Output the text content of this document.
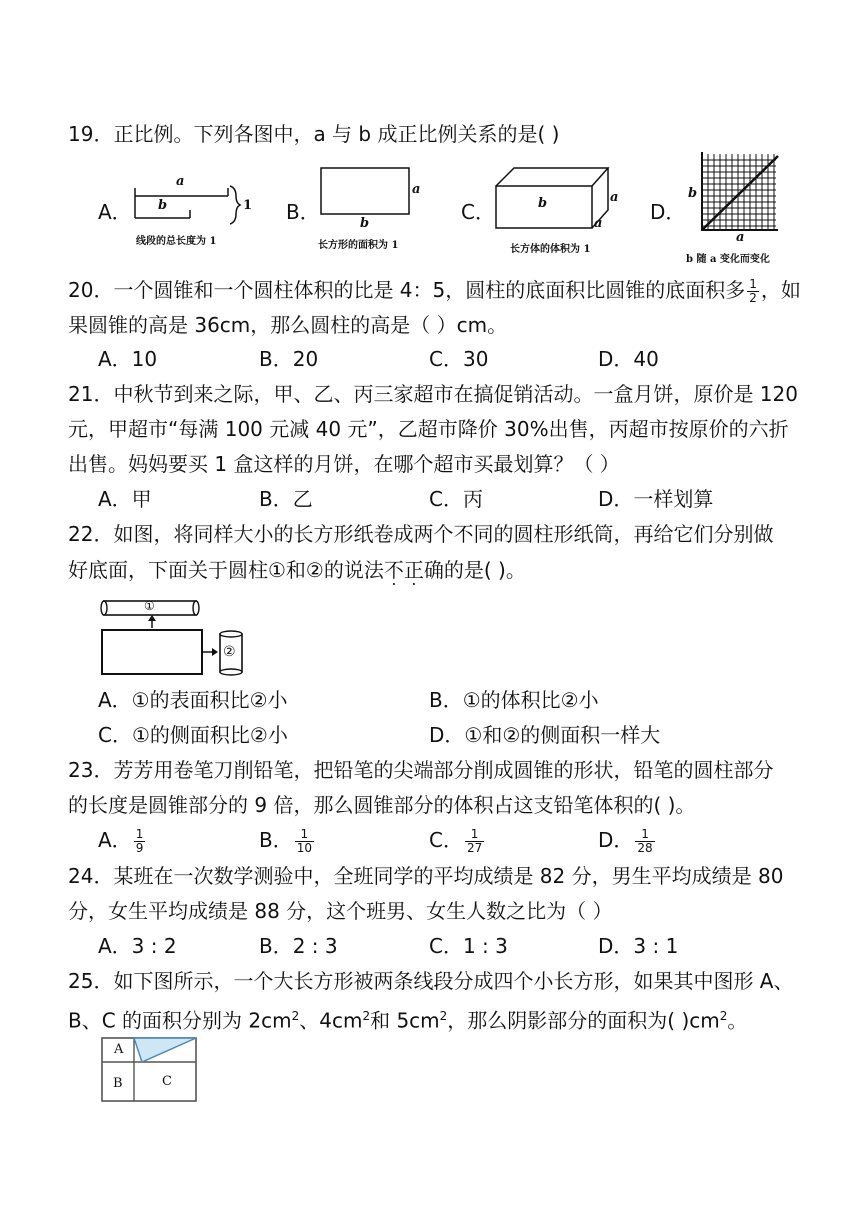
19．正比例。下列各图中，a 与 b 成正比例关系的是( )
A．
a
b	1
线段的总长度为 1
B．
a
b
长方形的面积为 1
C．	b	a
a
长方体的体积为 1
D．
b
a
b 随 a 变化而变化
20．一个圆锥和一个圆柱体积的比是 4：5，圆柱的底面积比圆锥的底面积多 $\frac{1}{2}$ ，如
果圆锥的高是 36cm，那么圆柱的高是（ ）cm。
A．10	B．20	C．30	D．40
21．中秋节到来之际，甲、乙、丙三家超市在搞促销活动。一盒月饼，原价是 120
元，甲超市“每满 100 元减 40 元”，乙超市降价 30%出售，丙超市按原价的六折
出售。妈妈要买 1 盒这样的月饼，在哪个超市买最划算？（ ）
A．甲	B．乙	C．丙	D．一样划算
22．如图，将同样大小的长方形纸卷成两个不同的圆柱形纸筒，再给它们分别做
好底面，下面关于圆柱①和②的说法不正确的是( )。
①
②
A．①的表面积比②小	B．①的体积比②小
C．①的侧面积比②小	D．①和②的侧面积一样大
23．芳芳用卷笔刀削铅笔，把铅笔的尖端部分削成圆锥的形状，铅笔的圆柱部分
的长度是圆锥部分的 9 倍，那么圆锥部分的体积占这支铅笔体积的( )。
A． $\frac{1}{9}$	B． $\frac{1}{10}$	C． $\frac{1}{27}$	D． $\frac{1}{28}$
24．某班在一次数学测验中，全班同学的平均成绩是 82 分，男生平均成绩是 80
分，女生平均成绩是 88 分，这个班男、女生人数之比为（ ）
A．3 : 2	B．2 : 3	C．1 : 3	D．3 : 1
25．如下图所示，一个大长方形被两条线段分成四个小长方形，如果其中图形 A、
B、C 的面积分别为 $2cm^2$、$4cm^2$和 $5cm^2$，那么阴影部分的面积为( )$cm^2$。
A
B	C
